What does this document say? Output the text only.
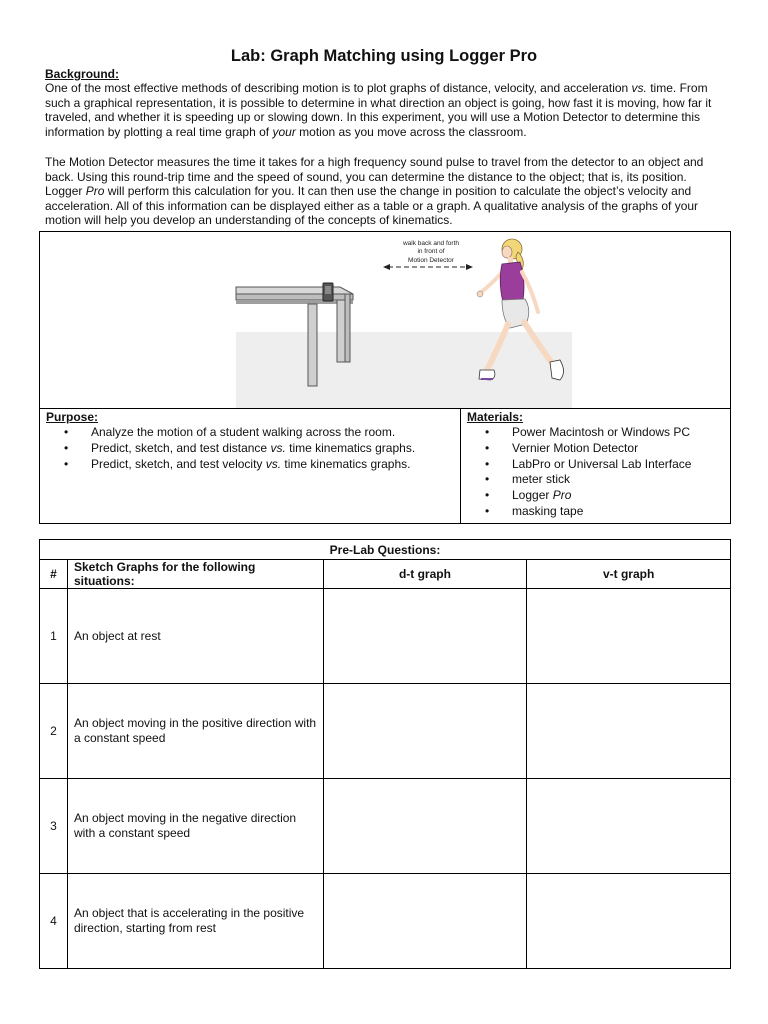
Lab: Graph Matching using Logger Pro

Background:

One of the most effective methods of describing motion is to plot graphs of distance, velocity, and acceleration vs. time. From such a graphical representation, it is possible to determine in what direction an object is going, how fast it is moving, how far it traveled, and whether it is speeding up or slowing down. In this experiment, you will use a Motion Detector to determine this information by plotting a real time graph of your motion as you move across the classroom.

The Motion Detector measures the time it takes for a high frequency sound pulse to travel from the detector to an object and back. Using this round-trip time and the speed of sound, you can determine the distance to the object; that is, its position. Logger Pro will perform this calculation for you. It can then use the change in position to calculate the object’s velocity and acceleration. All of this information can be displayed either as a table or a graph. A qualitative analysis of the graphs of your motion will help you develop an understanding of the concepts of kinematics.

walk back and forth
in front of
Motion Detector

Purpose:

• Analyze the motion of a student walking across the room.
• Predict, sketch, and test distance vs. time kinematics graphs.
• Predict, sketch, and test velocity vs. time kinematics graphs.

Materials:

• Power Macintosh or Windows PC
• Vernier Motion Detector
• LabPro or Universal Lab Interface
• meter stick
• Logger Pro
• masking tape
Pre-Lab Questions:			
#	Sketch Graphs for the following situations:	d-t graph	v-t graph
1	An object at rest		
2	An object moving in the positive direction with a constant speed		
3	An object moving in the negative direction with a constant speed		
4	An object that is accelerating in the positive direction, starting from rest		
